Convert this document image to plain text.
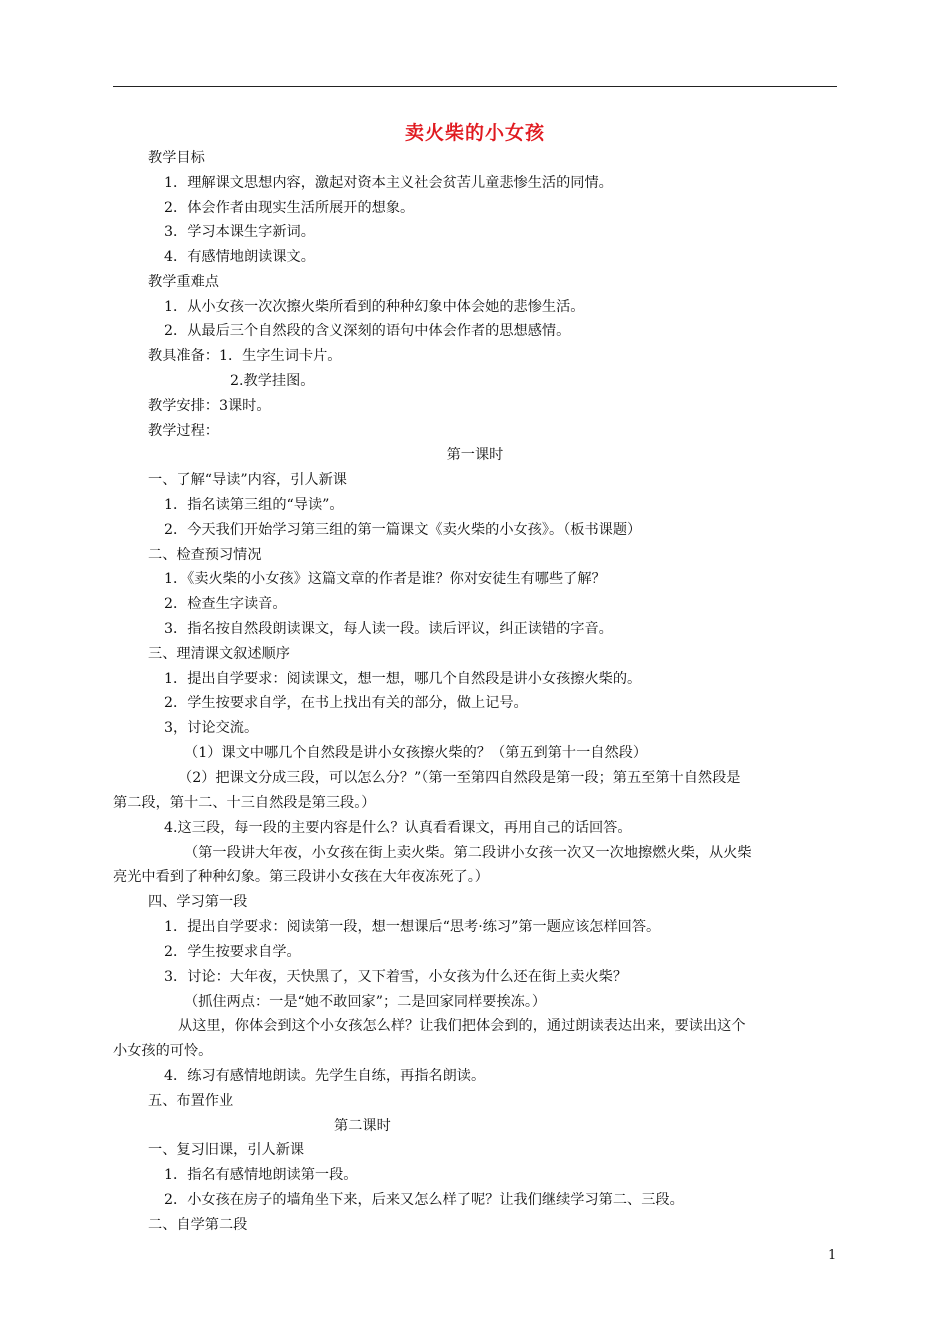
卖火柴的小女孩
教学目标
1．理解课文思想内容，激起对资本主义社会贫苦儿童悲惨生活的同情。
2．体会作者由现实生活所展开的想象。
3．学习本课生字新词。
4．有感情地朗读课文。
教学重难点
1．从小女孩一次次擦火柴所看到的种种幻象中体会她的悲惨生活。
2．从最后三个自然段的含义深刻的语句中体会作者的思想感情。
教具准备：1．生字生词卡片。
2.教学挂图。
教学安排：3课时。
教学过程：
第一课时
一、了解“导读”内容，引人新课
1．指名读第三组的“导读”。
2．今天我们开始学习第三组的第一篇课文《卖火柴的小女孩》。（板书课题）
二、检查预习情况
1．《卖火柴的小女孩》这篇文章的作者是谁？你对安徒生有哪些了解？
2．检查生字读音。
3．指名按自然段朗读课文，每人读一段。读后评议，纠正读错的字音。
三、理清课文叙述顺序
1．提出自学要求：阅读课文，想一想，哪几个自然段是讲小女孩擦火柴的。
2．学生按要求自学，在书上找出有关的部分，做上记号。
3，讨论交流。
（1）课文中哪几个自然段是讲小女孩擦火柴的？（第五到第十一自然段）
（2）把课文分成三段，可以怎么分？”（第一至第四自然段是第一段；第五至第十自然段是
第二段，第十二、十三自然段是第三段。）
4.这三段，每一段的主要内容是什么？认真看看课文，再用自己的话回答。
（第一段讲大年夜，小女孩在街上卖火柴。第二段讲小女孩一次又一次地擦燃火柴，从火柴
亮光中看到了种种幻象。第三段讲小女孩在大年夜冻死了。）
四、学习第一段
1．提出自学要求：阅读第一段，想一想课后“思考·练习”第一题应该怎样回答。
2．学生按要求自学。
3．讨论：大年夜，天快黑了，又下着雪，小女孩为什么还在街上卖火柴？
（抓住两点：一是“她不敢回家”；二是回家同样要挨冻。）
从这里，你体会到这个小女孩怎么样？让我们把体会到的，通过朗读表达出来，要读出这个
小女孩的可怜。
4．练习有感情地朗读。先学生自练，再指名朗读。
五、布置作业
第二课时
一、复习旧课，引人新课
1．指名有感情地朗读第一段。
2．小女孩在房子的墙角坐下来，后来又怎么样了呢？让我们继续学习第二、三段。
二、自学第二段
1
